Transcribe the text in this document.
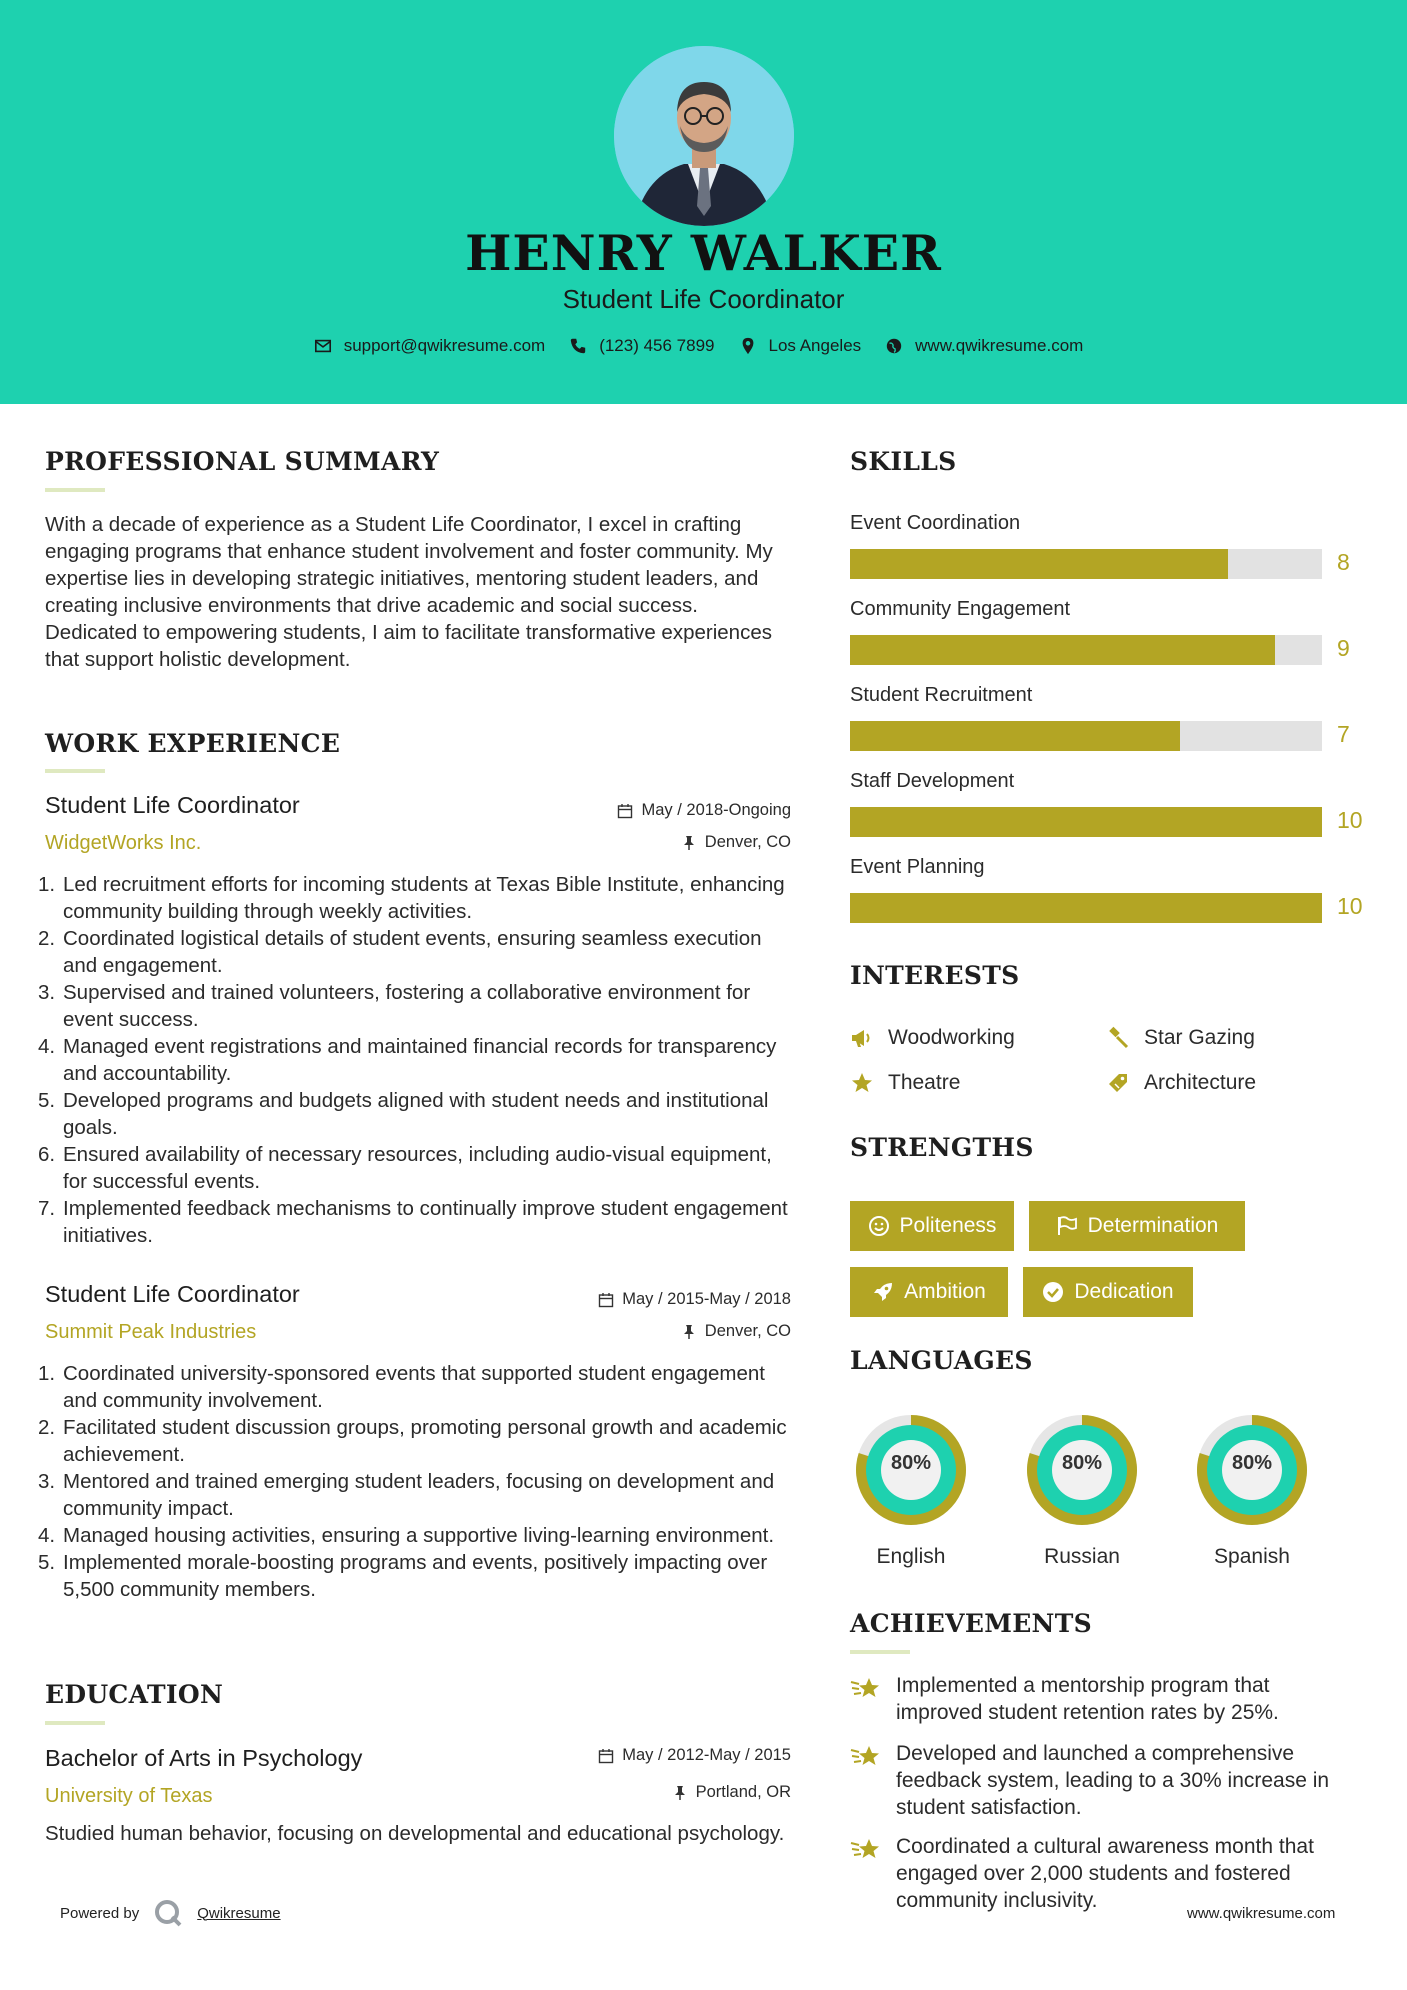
HENRY WALKER
Student Life Coordinator
support@qwikresume.com	(123) 456 7899	Los Angeles	www.qwikresume.com
PROFESSIONAL SUMMARY
With a decade of experience as a Student Life Coordinator, I excel in crafting engaging programs that enhance student involvement and foster community. My expertise lies in developing strategic initiatives, mentoring student leaders, and creating inclusive environments that drive academic and social success. Dedicated to empowering students, I aim to facilitate transformative experiences that support holistic development.
WORK EXPERIENCE
Student Life Coordinator	May / 2018-Ongoing
WidgetWorks Inc.	Denver, CO
1. Led recruitment efforts for incoming students at Texas Bible Institute, enhancing community building through weekly activities.
2. Coordinated logistical details of student events, ensuring seamless execution and engagement.
3. Supervised and trained volunteers, fostering a collaborative environment for event success.
4. Managed event registrations and maintained financial records for transparency and accountability.
5. Developed programs and budgets aligned with student needs and institutional goals.
6. Ensured availability of necessary resources, including audio-visual equipment, for successful events.
7. Implemented feedback mechanisms to continually improve student engagement initiatives.
Student Life Coordinator	May / 2015-May / 2018
Summit Peak Industries	Denver, CO
1. Coordinated university-sponsored events that supported student engagement and community involvement.
2. Facilitated student discussion groups, promoting personal growth and academic achievement.
3. Mentored and trained emerging student leaders, focusing on development and community impact.
4. Managed housing activities, ensuring a supportive living-learning environment.
5. Implemented morale-boosting programs and events, positively impacting over 5,500 community members.
EDUCATION
Bachelor of Arts in Psychology	May / 2012-May / 2015
University of Texas	Portland, OR
Studied human behavior, focusing on developmental and educational psychology.
SKILLS
Event Coordination
8
Community Engagement
9
Student Recruitment
7
Staff Development
10
Event Planning
10
INTERESTS
Woodworking	Star Gazing
Theatre	Architecture
STRENGTHS
Politeness	Determination
Ambition	Dedication
LANGUAGES
80%
English
80%
Russian
80%
Spanish
ACHIEVEMENTS
Implemented a mentorship program that improved student retention rates by 25%.
Developed and launched a comprehensive feedback system, leading to a 30% increase in student satisfaction.
Coordinated a cultural awareness month that engaged over 2,000 students and fostered community inclusivity.
Powered by	Qwikresume	www.qwikresume.com
